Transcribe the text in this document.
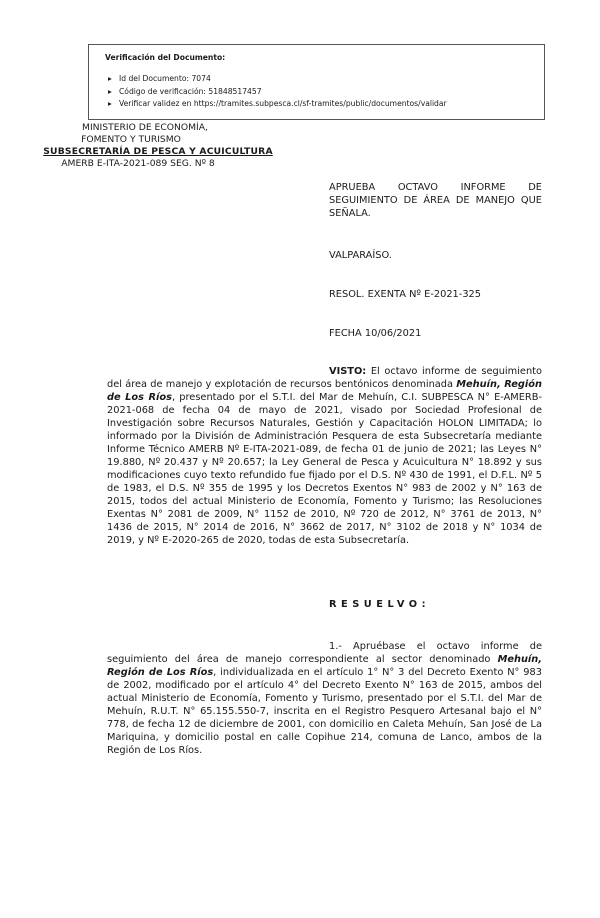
Verificación del Documento:
▸ Id del Documento: 7074
▸ Código de verificación: 51848517457
▸ Verificar validez en https://tramites.subpesca.cl/sf-tramites/public/documentos/validar
MINISTERIO DE ECONOMÍA,
FOMENTO Y TURISMO
SUBSECRETARÍA DE PESCA Y ACUICULTURA
AMERB E-ITA-2021-089 SEG. Nº 8
APRUEBA OCTAVO INFORME DE SEGUIMIENTO DE ÁREA DE MANEJO QUE SEÑALA.
VALPARAÍSO.
RESOL. EXENTA Nº E-2021-325
FECHA 10/06/2021
VISTO: El octavo informe de seguimiento del área de manejo y explotación de recursos bentónicos denominada Mehuín, Región de Los Ríos, presentado por el S.T.I. del Mar de Mehuín, C.I. SUBPESCA N° E-AMERB-2021-068 de fecha 04 de mayo de 2021, visado por Sociedad Profesional de Investigación sobre Recursos Naturales, Gestión y Capacitación HOLON LIMITADA; lo informado por la División de Administración Pesquera de esta Subsecretaría mediante Informe Técnico AMERB Nº E-ITA-2021-089, de fecha 01 de junio de 2021; las Leyes N° 19.880, Nº 20.437 y Nº 20.657; la Ley General de Pesca y Acuicultura N° 18.892 y sus modificaciones cuyo texto refundido fue fijado por el D.S. Nº 430 de 1991, el D.F.L. Nº 5 de 1983, el D.S. Nº 355 de 1995 y los Decretos Exentos N° 983 de 2002 y N° 163 de 2015, todos del actual Ministerio de Economía, Fomento y Turismo; las Resoluciones Exentas N° 2081 de 2009, N° 1152 de 2010, Nº 720 de 2012, N° 3761 de 2013, N° 1436 de 2015, N° 2014 de 2016, N° 3662 de 2017, N° 3102 de 2018 y N° 1034 de 2019, y Nº E-2020-265 de 2020, todas de esta Subsecretaría.
RESUELVO:
1.- Apruébase el octavo informe de seguimiento del área de manejo correspondiente al sector denominado Mehuín, Región de Los Ríos, individualizada en el artículo 1° N° 3 del Decreto Exento N° 983 de 2002, modificado por el artículo 4° del Decreto Exento N° 163 de 2015, ambos del actual Ministerio de Economía, Fomento y Turismo, presentado por el S.T.I. del Mar de Mehuín, R.U.T. N° 65.155.550-7, inscrita en el Registro Pesquero Artesanal bajo el N° 778, de fecha 12 de diciembre de 2001, con domicilio en Caleta Mehuín, San José de La Mariquina, y domicilio postal en calle Copihue 214, comuna de Lanco, ambos de la Región de Los Ríos.
